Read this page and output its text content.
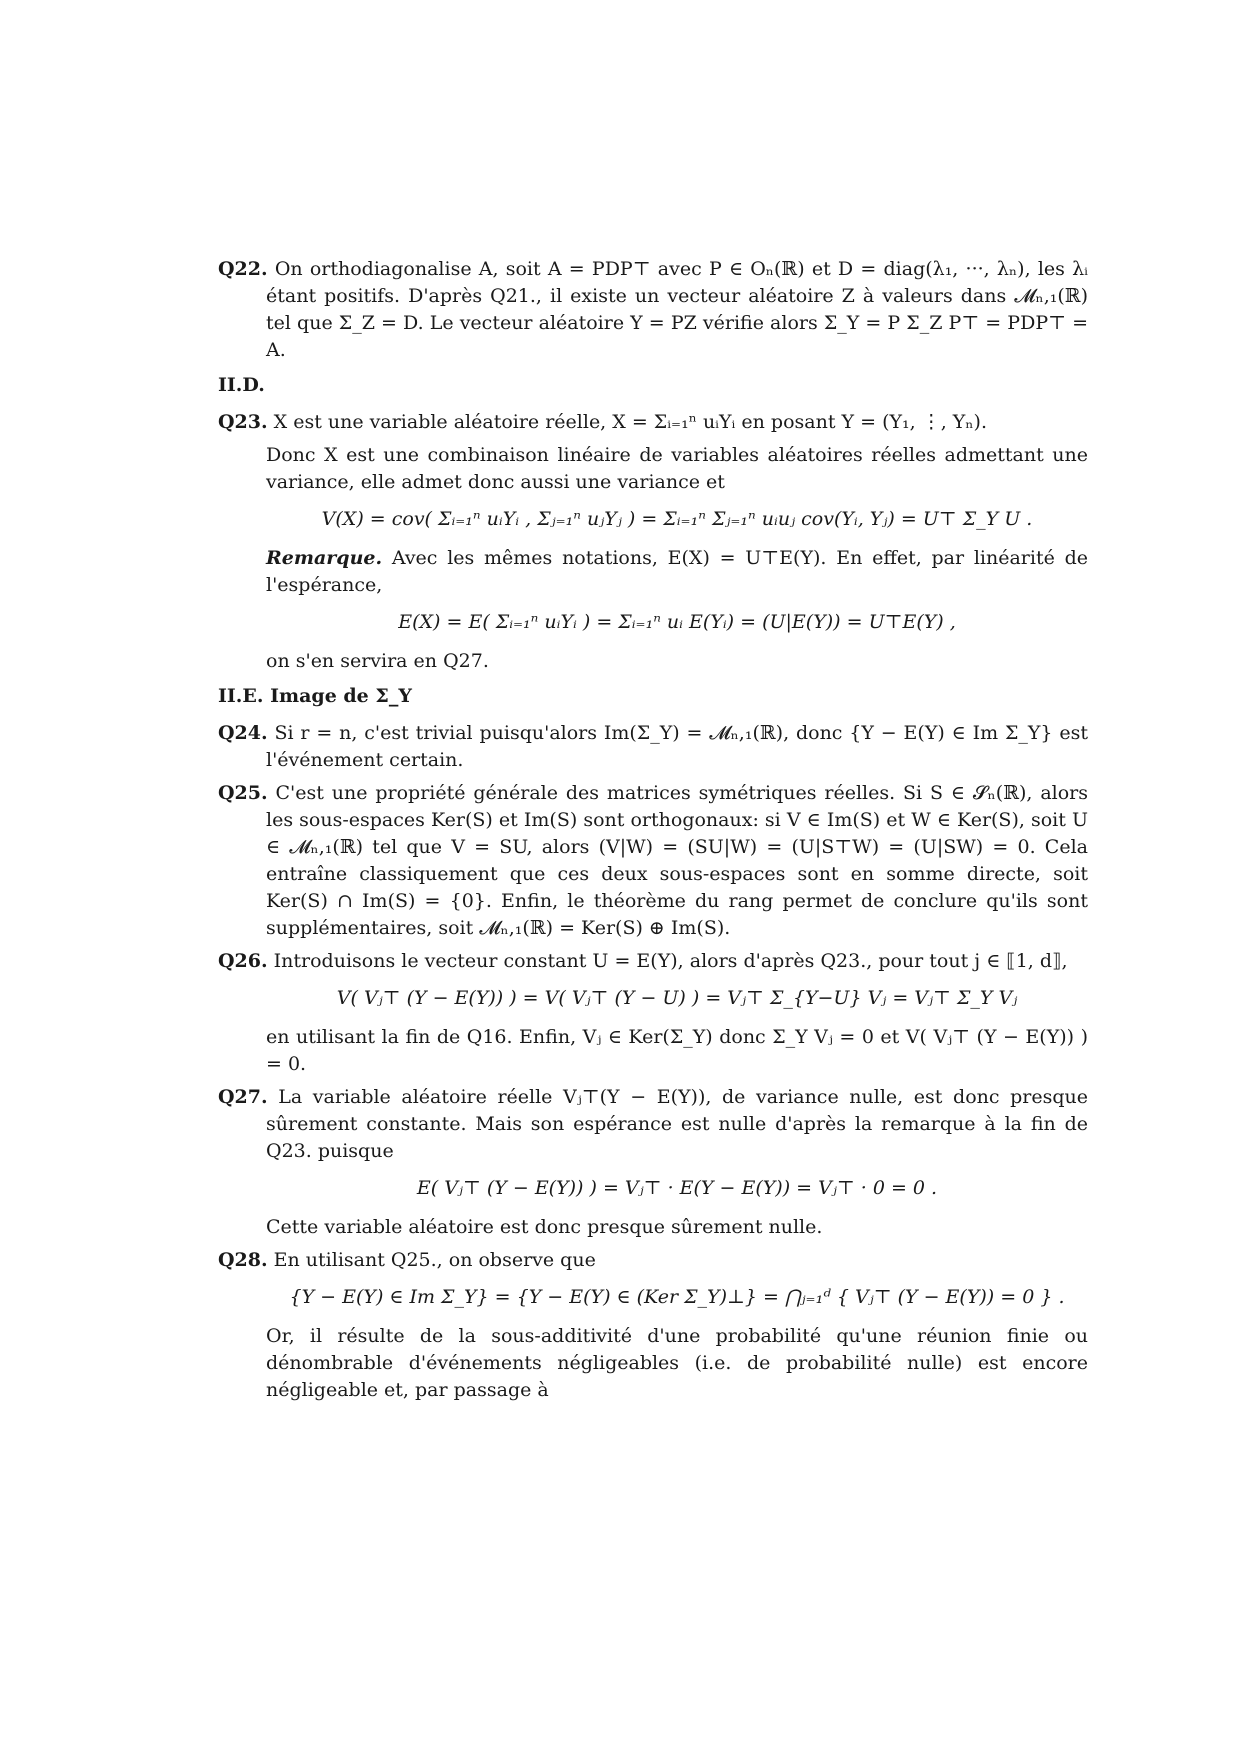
Q22. On orthodiagonalise A, soit A = PDP⊤ avec P ∈ Oₙ(ℝ) et D = diag(λ₁, ···, λₙ), les λᵢ étant positifs. D'après Q21., il existe un vecteur aléatoire Z à valeurs dans 𝓜ₙ,₁(ℝ) tel que Σ_Z = D. Le vecteur aléatoire Y = PZ vérifie alors Σ_Y = P Σ_Z P⊤ = PDP⊤ = A.

II.D.

Q23. X est une variable aléatoire réelle, X = Σᵢ₌₁ⁿ uᵢYᵢ en posant Y = (Y₁, ⋮, Yₙ).

Donc X est une combinaison linéaire de variables aléatoires réelles admettant une variance, elle admet donc aussi une variance et

V(X) = cov( Σᵢ₌₁ⁿ uᵢYᵢ , Σⱼ₌₁ⁿ uⱼYⱼ ) = Σᵢ₌₁ⁿ Σⱼ₌₁ⁿ uᵢuⱼ cov(Yᵢ, Yⱼ) = U⊤ Σ_Y U .

Remarque. Avec les mêmes notations, E(X) = U⊤E(Y). En effet, par linéarité de l'espérance,

E(X) = E( Σᵢ₌₁ⁿ uᵢYᵢ ) = Σᵢ₌₁ⁿ uᵢ E(Yᵢ) = (U|E(Y)) = U⊤E(Y) ,

on s'en servira en Q27.

II.E. Image de Σ_Y

Q24. Si r = n, c'est trivial puisqu'alors Im(Σ_Y) = 𝓜ₙ,₁(ℝ), donc {Y − E(Y) ∈ Im Σ_Y} est l'événement certain.

Q25. C'est une propriété générale des matrices symétriques réelles. Si S ∈ 𝓢ₙ(ℝ), alors les sous-espaces Ker(S) et Im(S) sont orthogonaux: si V ∈ Im(S) et W ∈ Ker(S), soit U ∈ 𝓜ₙ,₁(ℝ) tel que V = SU, alors (V|W) = (SU|W) = (U|S⊤W) = (U|SW) = 0. Cela entraîne classiquement que ces deux sous-espaces sont en somme directe, soit Ker(S) ∩ Im(S) = {0}. Enfin, le théorème du rang permet de conclure qu'ils sont supplémentaires, soit 𝓜ₙ,₁(ℝ) = Ker(S) ⊕ Im(S).

Q26. Introduisons le vecteur constant U = E(Y), alors d'après Q23., pour tout j ∈ ⟦1, d⟧,

V( Vⱼ⊤ (Y − E(Y)) ) = V( Vⱼ⊤ (Y − U) ) = Vⱼ⊤ Σ_{Y−U} Vⱼ = Vⱼ⊤ Σ_Y Vⱼ

en utilisant la fin de Q16. Enfin, Vⱼ ∈ Ker(Σ_Y) donc Σ_Y Vⱼ = 0 et V( Vⱼ⊤ (Y − E(Y)) ) = 0.

Q27. La variable aléatoire réelle Vⱼ⊤(Y − E(Y)), de variance nulle, est donc presque sûrement constante. Mais son espérance est nulle d'après la remarque à la fin de Q23. puisque

E( Vⱼ⊤ (Y − E(Y)) ) = Vⱼ⊤ · E(Y − E(Y)) = Vⱼ⊤ · 0 = 0 .

Cette variable aléatoire est donc presque sûrement nulle.

Q28. En utilisant Q25., on observe que

{Y − E(Y) ∈ Im Σ_Y} = {Y − E(Y) ∈ (Ker Σ_Y)⊥} = ⋂ⱼ₌₁ᵈ { Vⱼ⊤ (Y − E(Y)) = 0 } .

Or, il résulte de la sous-additivité d'une probabilité qu'une réunion finie ou dénombrable d'événements négligeables (i.e. de probabilité nulle) est encore négligeable et, par passage à
